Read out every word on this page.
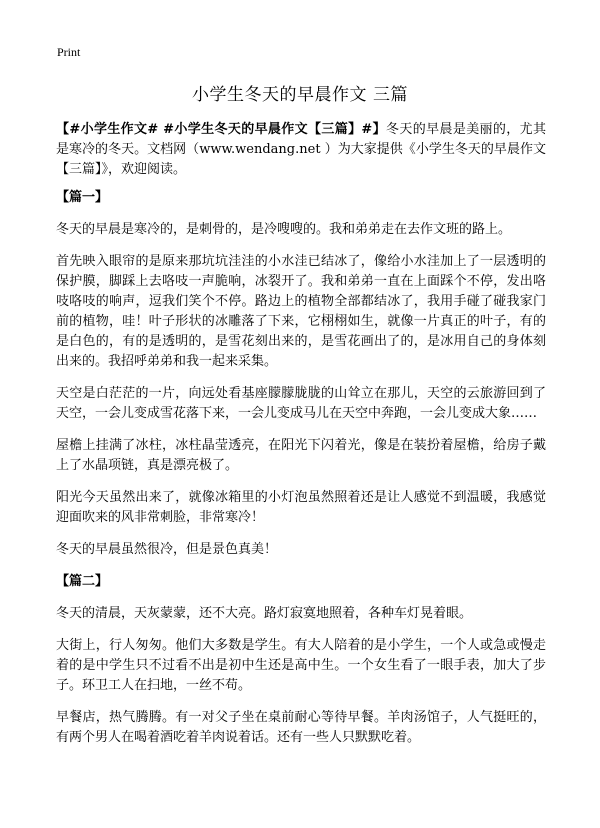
Print
小学生冬天的早晨作文 三篇

【#小学生作文# #小学生冬天的早晨作文【三篇】#】冬天的早晨是美丽的，尤其是寒冷的冬天。文档网（www.wendang.net ）为大家提供《小学生冬天的早晨作文【三篇】》，欢迎阅读。

【篇一】

冬天的早晨是寒冷的，是刺骨的，是冷嗖嗖的。我和弟弟走在去作文班的路上。

首先映入眼帘的是原来那坑坑洼洼的小水洼已结冰了，像给小水洼加上了一层透明的保护膜，脚踩上去咯吱一声脆响，冰裂开了。我和弟弟一直在上面踩个不停，发出咯吱咯吱的响声，逗我们笑个不停。路边上的植物全部都结冰了，我用手碰了碰我家门前的植物，哇！叶子形状的冰雕落了下来，它栩栩如生，就像一片真正的叶子，有的是白色的，有的是透明的，是雪花刻出来的，是雪花画出了的，是冰用自己的身体刻出来的。我招呼弟弟和我一起来采集。

天空是白茫茫的一片，向远处看基座朦朦胧胧的山耸立在那儿，天空的云旅游回到了天空，一会儿变成雪花落下来，一会儿变成马儿在天空中奔跑，一会儿变成大象……

屋檐上挂满了冰柱，冰柱晶莹透亮，在阳光下闪着光，像是在装扮着屋檐，给房子戴上了水晶项链，真是漂亮极了。

阳光今天虽然出来了，就像冰箱里的小灯泡虽然照着还是让人感觉不到温暖，我感觉迎面吹来的风非常刺脸，非常寒冷！

冬天的早晨虽然很冷，但是景色真美！

【篇二】

冬天的清晨，天灰蒙蒙，还不大亮。路灯寂寞地照着，各种车灯晃着眼。

大街上，行人匆匆。他们大多数是学生。有大人陪着的是小学生，一个人或急或慢走着的是中学生只不过看不出是初中生还是高中生。一个女生看了一眼手表，加大了步子。环卫工人在扫地，一丝不苟。

早餐店，热气腾腾。有一对父子坐在桌前耐心等待早餐。羊肉汤馆子，人气挺旺的，有两个男人在喝着酒吃着羊肉说着话。还有一些人只默默吃着。
